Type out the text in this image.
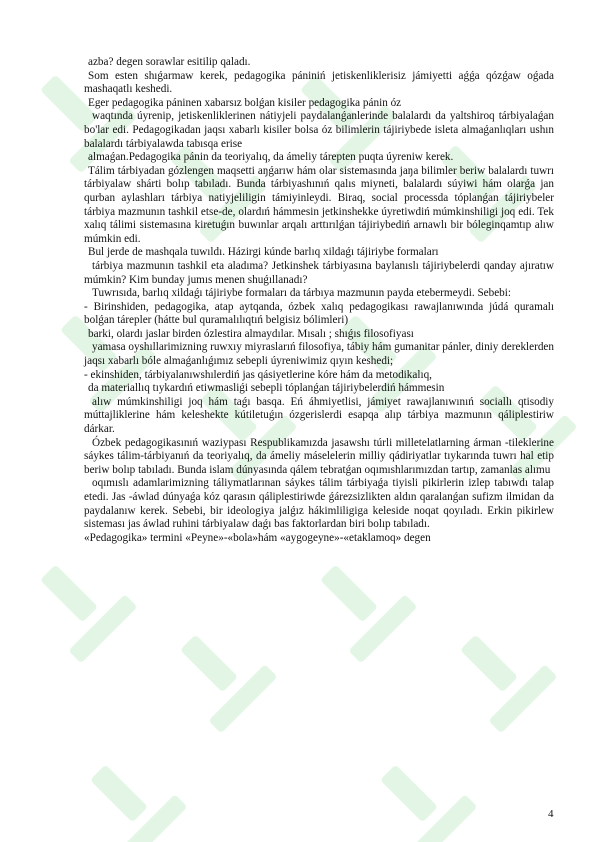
azba? degen sorawlar esitilip qaladı.

Som esten shıǵarmaw kerek, pedagogika pániniń jetiskenliklerisiz jámiyetti aǵǵa qózǵaw oǵada mashaqatlı keshedi.

Eger pedagogika páninen xabarsız bolǵan kisiler pedagogika pánin óz

waqtında úyrenip, jetiskenliklerinen nátiyjeli paydalanǵanlerinde balalardı da yaltshiroq tárbiyalaǵan bo'lar edi. Pedagogikadan jaqsı xabarlı kisiler bolsa óz bilimlerin tájiriybede isleta almaǵanlıqları ushın balalardı tárbiyalawda tabısqa erise

almaǵan.Pedagogika pánin da teoriyalıq, da ámeliy tárepten puqta úyreniw kerek.

Tálim tárbiyadan gózlengen maqsetti aŋǵarıw hám olar sistemasında jaŋa bilimler beriw balalardı tuwrı tárbiyalaw shárti bolıp tabıladı. Bunda tárbiyashınıń qalıs miyneti, balalardı súyiwi hám olarǵa jan qurban aylashları tárbiya natiyjeliligin támiyinleydi. Biraq, social processda tóplanǵan tájiriybeler tárbiya mazmunın tashkil etse-de, olardıń hámmesin jetkinshekke úyretiwdiń múmkinshiligi joq edi. Tek xalıq tálimi sistemasına kiretuǵın buwınlar arqalı arttırılǵan tájiriybediń arnawlı bir bóleginqamtıp alıw múmkin edi.

Bul jerde de mashqala tuwıldı. Házirgi kúnde barlıq xildaǵı tájiriybe formaları

tárbiya mazmunın tashkil eta aladıma? Jetkinshek tárbiyasına baylanıslı tájiriybelerdi qanday ajıratıw múmkin? Kim bunday jumıs menen shuǵıllanadı?

Tuwrısıda, barlıq xildaǵı tájiriybe formaları da tárbıya mazmunın payda etebermeydi. Sebebi:

- Birinshiden, pedagogika, atap aytqanda, ózbek xalıq pedagogikası rawajlanıwında júdá quramalı bolǵan tárepler (hátte bul quramalılıqtıń belgisiz bólimleri)

barki, olardı jaslar birden ózlestira almaydılar. Mısalı ; shıǵıs filosofiyası

yamasa oyshıllarimizning ruwxıy miyraslarıń filosofiya, tábiy hám gumanitar pánler, diniy dereklerden jaqsı xabarlı bóle almaǵanlıǵımız sebepli úyreniwimiz qıyın keshedi;

- ekinshiden, tárbiyalanıwshılerdiń jas qásiyetlerine kóre hám da metodikalıq,

da materiallıq tıykardıń etiwmasliǵi sebepli tóplanǵan tájiriybelerdiń hámmesin

alıw múmkinshiligi joq hám taǵı basqa. Eń áhmiyetlisi, jámiyet rawajlanıwınıń sociallı qtisodiy múttajliklerine hám keleshekte kútiletuǵın ózgerislerdi esapqa alıp tárbiya mazmunın qáliplestiriw dárkar.

Ózbek pedagogikasınıń waziypası Respublikamızda jasawshı túrli milletelatlarning árman -tileklerine sáykes tálim-tárbiyanıń da teoriyalıq, da ámeliy máselelerin milliy qádiriyatlar tıykarında tuwrı hal etip beriw bolıp tabıladı. Bunda islam dúnyasında qálem tebratǵan oqımıshlarımızdan tartıp, zamanlas alımu

oqımıslı adamlarimizning táliymatlarınan sáykes tálim tárbiyaǵa tiyisli pikirlerin izlep tabıwdı talap etedi. Jas -áwlad dúnyaǵa kóz qarasın qáliplestiriwde ǵárezsizlikten aldın qaralanǵan sufizm ilmidan da paydalanıw kerek. Sebebi, bir ideologiya jalǵız hákimliligiga keleside noqat qoyıladı. Erkin pikirlew sisteması jas áwlad ruhini tárbiyalaw daǵı bas faktorlardan biri bolıp tabıladı.

«Pedagogika» termini «Peyne»-«bola»hám «aygogeyne»-«etaklamoq» degen

4
